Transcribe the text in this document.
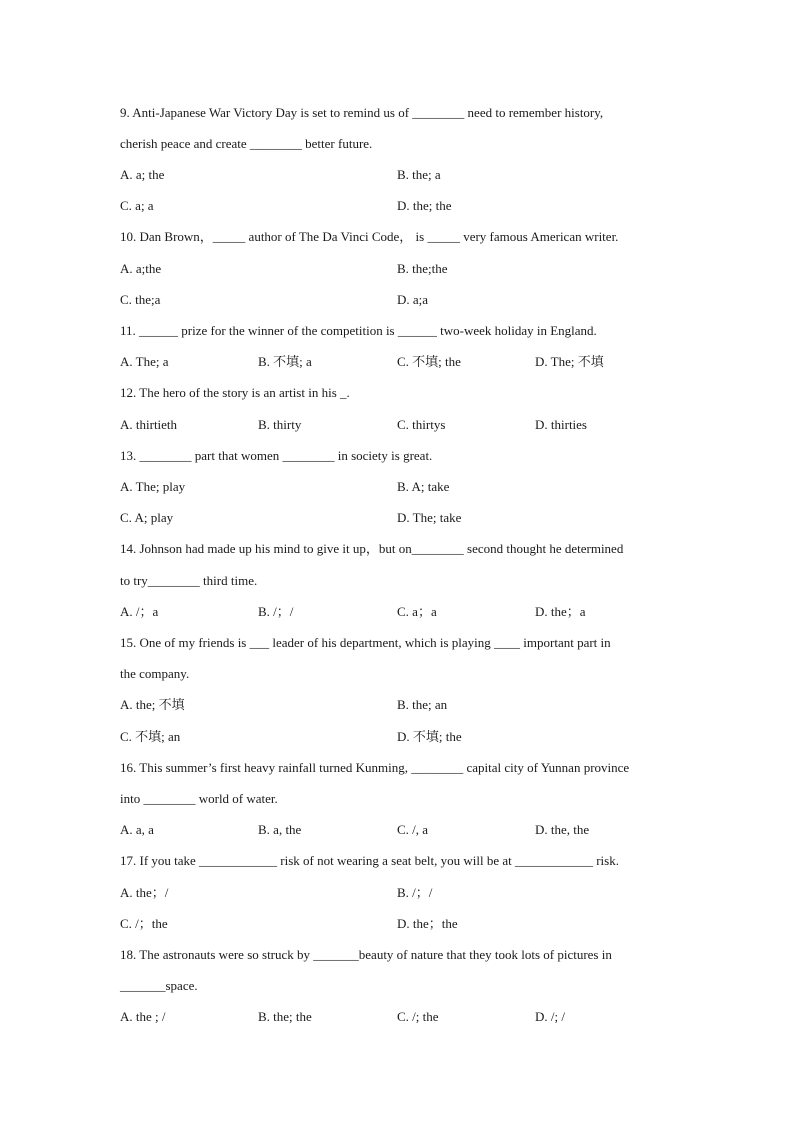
9. Anti-Japanese War Victory Day is set to remind us of ________ need to remember history,
cherish peace and create ________ better future.
A. a; the	B. the; a
C. a; a	D. the; the
10. Dan Brown，_____ author of The Da Vinci Code， is _____ very famous American writer.
A. a;the	B. the;the
C. the;a	D. a;a
11. ______ prize for the winner of the competition is ______ two-week holiday in England.
A. The; a	B. 不填; a	C. 不填; the	D. The; 不填
12. The hero of the story is an artist in his _.
A. thirtieth	B. thirty	C. thirtys	D. thirties
13. ________ part that women ________ in society is great.
A. The; play	B. A; take
C. A; play	D. The; take
14. Johnson had made up his mind to give it up，but on________ second thought he determined
to try________ third time.
A. /；a	B. /；/	C. a；a	D. the；a
15. One of my friends is ___ leader of his department, which is playing ____ important part in
the company.
A. the; 不填	B. the; an
C. 不填; an	D. 不填; the
16. This summer’s first heavy rainfall turned Kunming, ________ capital city of Yunnan province
into ________ world of water.
A. a, a	B. a, the	C. /, a	D. the, the
17. If you take ____________ risk of not wearing a seat belt, you will be at ____________ risk.
A. the；/	B. /；/
C. /；the	D. the；the
18. The astronauts were so struck by _______beauty of nature that they took lots of pictures in
_______space.
A. the ; /	B. the; the	C. /; the	D. /; /
